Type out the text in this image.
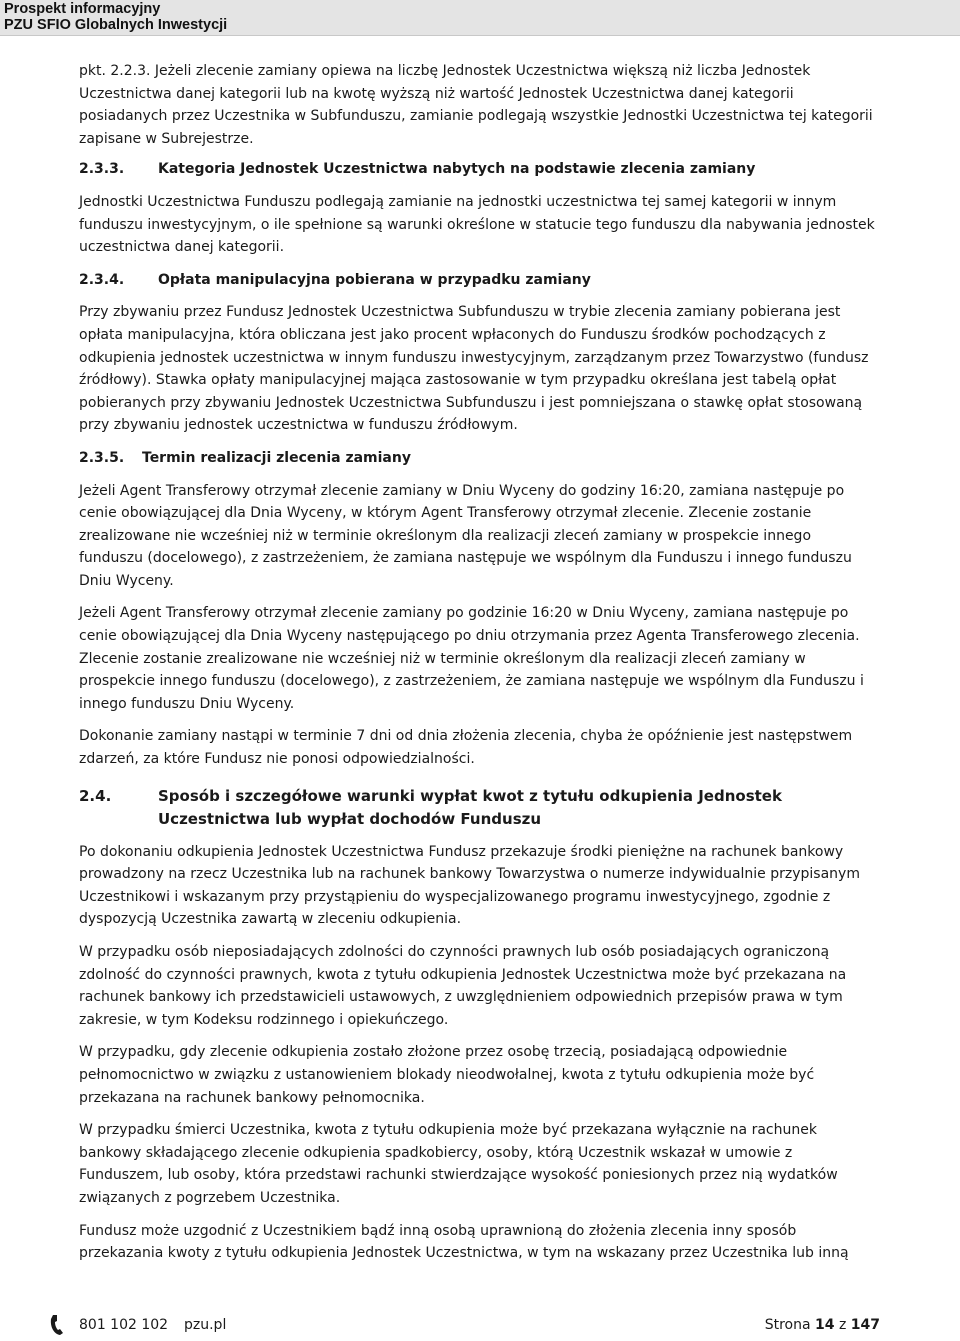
Prospekt informacyjny
PZU SFIO Globalnych Inwestycji

pkt. 2.2.3. Jeżeli zlecenie zamiany opiewa na liczbę Jednostek Uczestnictwa większą niż liczba Jednostek Uczestnictwa danej kategorii lub na kwotę wyższą niż wartość Jednostek Uczestnictwa danej kategorii posiadanych przez Uczestnika w Subfunduszu, zamianie podlegają wszystkie Jednostki Uczestnictwa tej kategorii zapisane w Subrejestrze.

2.3.3.	Kategoria Jednostek Uczestnictwa nabytych na podstawie zlecenia zamiany

Jednostki Uczestnictwa Funduszu podlegają zamianie na jednostki uczestnictwa tej samej kategorii w innym funduszu inwestycyjnym, o ile spełnione są warunki określone w statucie tego funduszu dla nabywania jednostek uczestnictwa danej kategorii.

2.3.4.	Opłata manipulacyjna pobierana w przypadku zamiany

Przy zbywaniu przez Fundusz Jednostek Uczestnictwa Subfunduszu w trybie zlecenia zamiany pobierana jest opłata manipulacyjna, która obliczana jest jako procent wpłaconych do Funduszu środków pochodzących z odkupienia jednostek uczestnictwa w innym funduszu inwestycyjnym, zarządzanym przez Towarzystwo (fundusz źródłowy). Stawka opłaty manipulacyjnej mająca zastosowanie w tym przypadku określana jest tabelą opłat pobieranych przy zbywaniu Jednostek Uczestnictwa Subfunduszu i jest pomniejszana o stawkę opłat stosowaną przy zbywaniu jednostek uczestnictwa w funduszu źródłowym.

2.3.5.	Termin realizacji zlecenia zamiany

Jeżeli Agent Transferowy otrzymał zlecenie zamiany w Dniu Wyceny do godziny 16:20, zamiana następuje po cenie obowiązującej dla Dnia Wyceny, w którym Agent Transferowy otrzymał zlecenie. Zlecenie zostanie zrealizowane nie wcześniej niż w terminie określonym dla realizacji zleceń zamiany w prospekcie innego funduszu (docelowego), z zastrzeżeniem, że zamiana następuje we wspólnym dla Funduszu i innego funduszu Dniu Wyceny.

Jeżeli Agent Transferowy otrzymał zlecenie zamiany po godzinie 16:20 w Dniu Wyceny, zamiana następuje po cenie obowiązującej dla Dnia Wyceny następującego po dniu otrzymania przez Agenta Transferowego zlecenia. Zlecenie zostanie zrealizowane nie wcześniej niż w terminie określonym dla realizacji zleceń zamiany w prospekcie innego funduszu (docelowego), z zastrzeżeniem, że zamiana następuje we wspólnym dla Funduszu i innego funduszu Dniu Wyceny.

Dokonanie zamiany nastąpi w terminie 7 dni od dnia złożenia zlecenia, chyba że opóźnienie jest następstwem zdarzeń, za które Fundusz nie ponosi odpowiedzialności.

2.4.	Sposób i szczegółowe warunki wypłat kwot z tytułu odkupienia Jednostek Uczestnictwa lub wypłat dochodów Funduszu

Po dokonaniu odkupienia Jednostek Uczestnictwa Fundusz przekazuje środki pieniężne na rachunek bankowy prowadzony na rzecz Uczestnika lub na rachunek bankowy Towarzystwa o numerze indywidualnie przypisanym Uczestnikowi i wskazanym przy przystąpieniu do wyspecjalizowanego programu inwestycyjnego, zgodnie z dyspozycją Uczestnika zawartą w zleceniu odkupienia.

W przypadku osób nieposiadających zdolności do czynności prawnych lub osób posiadających ograniczoną zdolność do czynności prawnych, kwota z tytułu odkupienia Jednostek Uczestnictwa może być przekazana na rachunek bankowy ich przedstawicieli ustawowych, z uwzględnieniem odpowiednich przepisów prawa w tym zakresie, w tym Kodeksu rodzinnego i opiekuńczego.

W przypadku, gdy zlecenie odkupienia zostało złożone przez osobę trzecią, posiadającą odpowiednie pełnomocnictwo w związku z ustanowieniem blokady nieodwołalnej, kwota z tytułu odkupienia może być przekazana na rachunek bankowy pełnomocnika.

W przypadku śmierci Uczestnika, kwota z tytułu odkupienia może być przekazana wyłącznie na rachunek bankowy składającego zlecenie odkupienia spadkobiercy, osoby, którą Uczestnik wskazał w umowie z Funduszem, lub osoby, która przedstawi rachunki stwierdzające wysokość poniesionych przez nią wydatków związanych z pogrzebem Uczestnika.

Fundusz może uzgodnić z Uczestnikiem bądź inną osobą uprawnioną do złożenia zlecenia inny sposób przekazania kwoty z tytułu odkupienia Jednostek Uczestnictwa, w tym na wskazany przez Uczestnika lub inną

801 102 102 pzu.pl	Strona 14 z 147
